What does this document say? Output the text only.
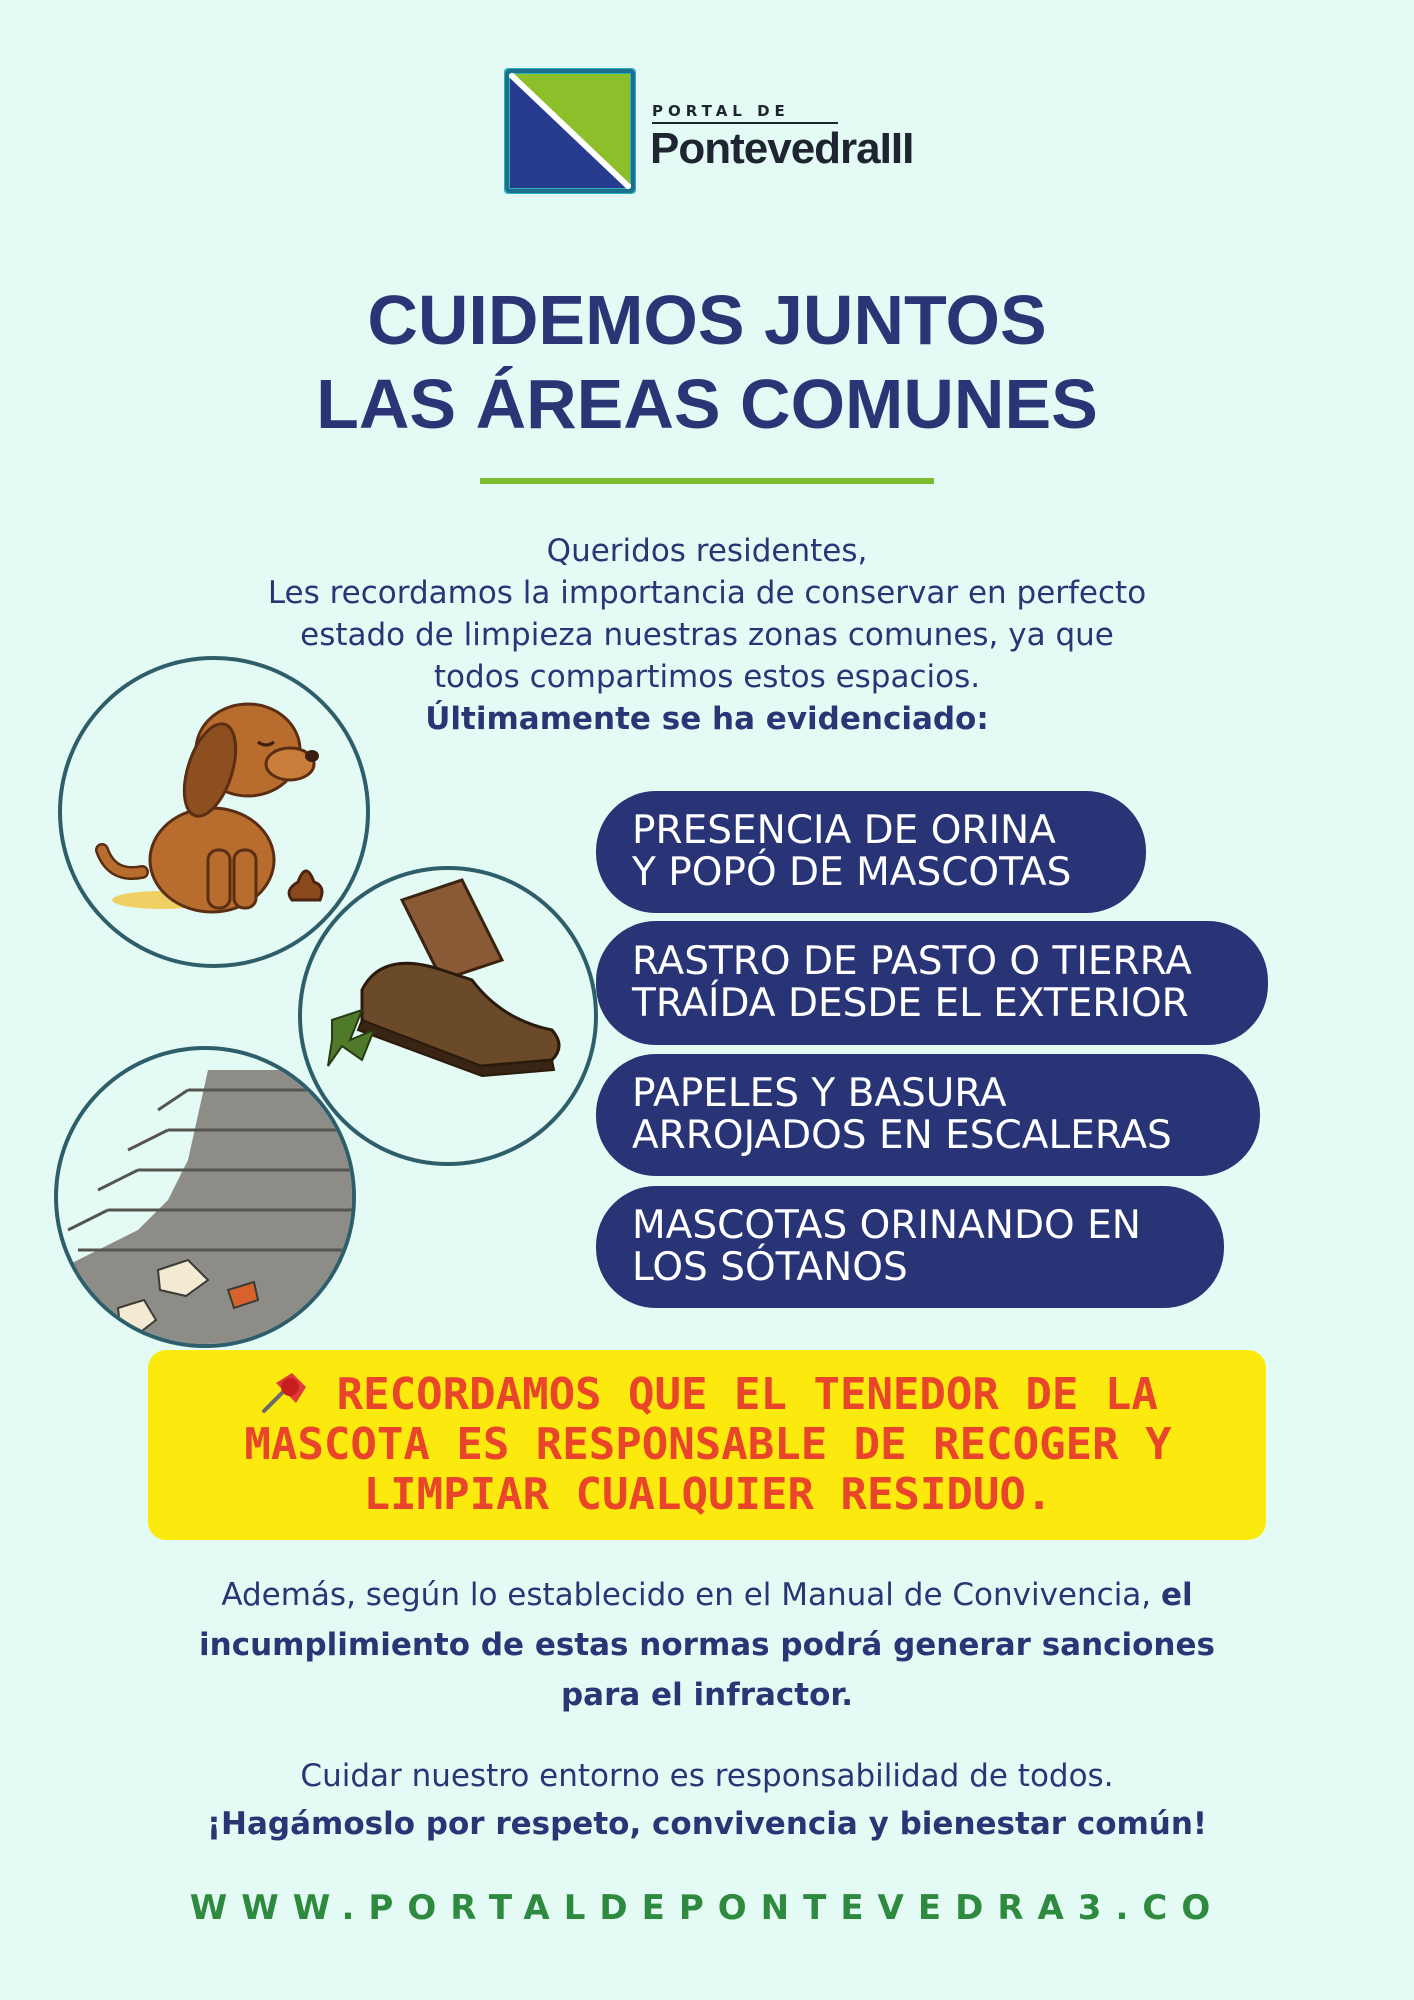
PORTAL DE
PontevedraIII
CUIDEMOS JUNTOS
LAS ÁREAS COMUNES
Queridos residentes,
Les recordamos la importancia de conservar en perfecto
estado de limpieza nuestras zonas comunes, ya que
todos compartimos estos espacios.
Últimamente se ha evidenciado:
PRESENCIA DE ORINA
Y POPÓ DE MASCOTAS
RASTRO DE PASTO O TIERRA
TRAÍDA DESDE EL EXTERIOR
PAPELES Y BASURA
ARROJADOS EN ESCALERAS
MASCOTAS ORINANDO EN
LOS SÓTANOS
RECORDAMOS QUE EL TENEDOR DE LA
MASCOTA ES RESPONSABLE DE RECOGER Y
LIMPIAR CUALQUIER RESIDUO.
Además, según lo establecido en el Manual de Convivencia, el
incumplimiento de estas normas podrá generar sanciones
para el infractor.
Cuidar nuestro entorno es responsabilidad de todos.
¡Hagámoslo por respeto, convivencia y bienestar común!
WWW.PORTALDEPONTEVEDRA3.CO
